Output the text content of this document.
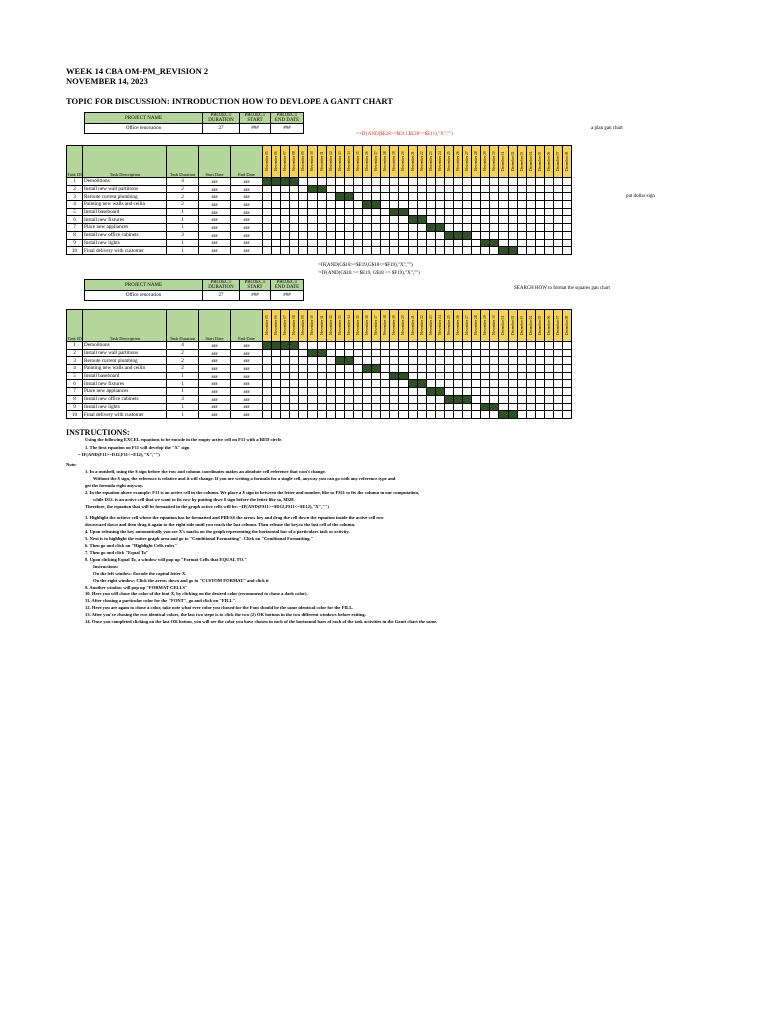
WEEK 14 CBA OM-PM_REVISION 2
NOVEMBER 14, 2023
TOPIC FOR DISCUSSION: INTRODUCTION HOW TO DEVLOPE A GANTT CHART
PROJECT NAME	PROJECT DURATION	PROJECT START	PROJECT END DATE
Office renovation	27	###	###
=+IF(AND($E28>=$D11,$E28<=$E11),"X","")
a plan gan chart
put dollar sign
Task ID	Task Description	Task Duration	Start Date	End Date	November 05	November 06	November 07	November 08	November 09	November 10	November 11	November 12	November 13	November 14	November 15	November 16	November 17	November 18	November 19	November 20	November 21	November 22	November 23	November 24	November 25	November 26	November 27	November 28	November 29	November 30	December 01	December 02	December 03	December 04	December 05	December 06	December 07	December 08

1	Demolitions	4	###	###																																		
2	Install new wall partitions	2	###	###																																		
3	Reroute current plumbing	2	###	###																																		
4	Painting new walls and ceilin	2	###	###																																		
5	Install baseboard	1	###	###																																		
6	Install new fixtures	1	###	###																																		
7	Place new appliances	1	###	###																																		
8	Install new office cabinets	3	###	###																																		
9	Install new lights	1	###	###																																		
10	Final delivery with customer	1	###	###																																		
=IF(AND(G$18>=$E19,G$18<=$F19),"X","")
'=IF(AND(G$18 >= $E19, G$18 <= $F19),"X","")
SEARCH HOW to format the squares gan chart
PROJECT NAME	PROJECT DURATION	PROJECT START	PROJECT END DATE
Office renovation	27	###	###
Task ID	Task Description	Task Duration	Start Date	End Date	November 05	November 06	November 07	November 08	November 09	November 10	November 11	November 12	November 13	November 14	November 15	November 16	November 17	November 18	November 19	November 20	November 21	November 22	November 23	November 24	November 25	November 26	November 27	November 28	November 29	November 30	December 01	December 02	December 03	December 04	December 05	December 06	December 07	December 08

1	Demolitions	4	###	###																																		
2	Install new wall partitions	2	###	###																																		
3	Reroute current plumbing	2	###	###																																		
4	Painting new walls and ceilin	2	###	###																																		
5	Install baseboard	1	###	###																																		
6	Install new fixtures	1	###	###																																		
7	Place new appliances	1	###	###																																		
8	Install new office cabinets	3	###	###																																		
9	Install new lights	1	###	###																																		
10	Final delivery with customer	1	###	###																																		
INSTRUCTIONS:
Using the following EXCEL equations to be encode in the empty active cell on F11 with a RED circle.
1. The first equation on F11 will develop the "X" sign
= IF(AND(F11>=D12,F11<=E12),"X","")
Note:
1. In a nutshell, using the $ sign before the row and column coordinates makes an absolute cell reference that won't change.
Without the $ sign, the reference is relative and it will change. If you are writing a formula for a single cell, anyway you can go with any reference type and
get the formula right anyway.
2. In the equation above example: F11 is an active cell in the column. We place a $ sign in between the letter and number, like so F$11 to fix the column in our computation,
while D12. is an active cell that we want to fix row by putting thwe $ sign before the letter like so, $D28.
Therefore, the equation that will be formatted in the graph active cells will be: =IF(AND(F$11>=$D12,F$11<=$E12),"X","")
3. Highlight the actiove cell where the equation has be formatted and PRESS the arrow key and drag the cell down the equation inside the active cell row
downward down and then drag it again to the right side until you reach the last column. Then release the key.to the last cell of the column.
4. Upon releasing the key automatically you see X's marks on the graph representing the horizontal bar of a particulars task or activity.
5. Next is to highlight the entire graph area and go to "Conditional Formatting". Click on "Condtional Formatting."
6. Then go and click on "Highlight Cells rules"
7. Then go and click "Equal To"
8. Upon clicking Equal To, a window will pop up "Format Cells that EQUAL TO."
Instructions:
On the left window: Encode the capital letter X.
On the right window: Click the arrow down and go to "CUSTOM FORMAT" and click it
9. Another window will pop up "FORMAT CELLS"
10. Here you will chose the color of the font X, by clicking on the desired color (recommend to chose a dark color).
11. After chosing a particular color for the "FONT", go and click on "FILL".
12. Here you are again to chose a color, take note what ever color you chosed for the Font should be the same identical color for the FILL.
13. After you've chosing the two identical colors, the last two stepe is to click the two (2) OK bottons in the two different windows before exiting.
14. Once you completed clicking on the last OK botton, you will see the color you have chosen in each of the horizontal bars of each of the task activities in the Gantt chart the same.
